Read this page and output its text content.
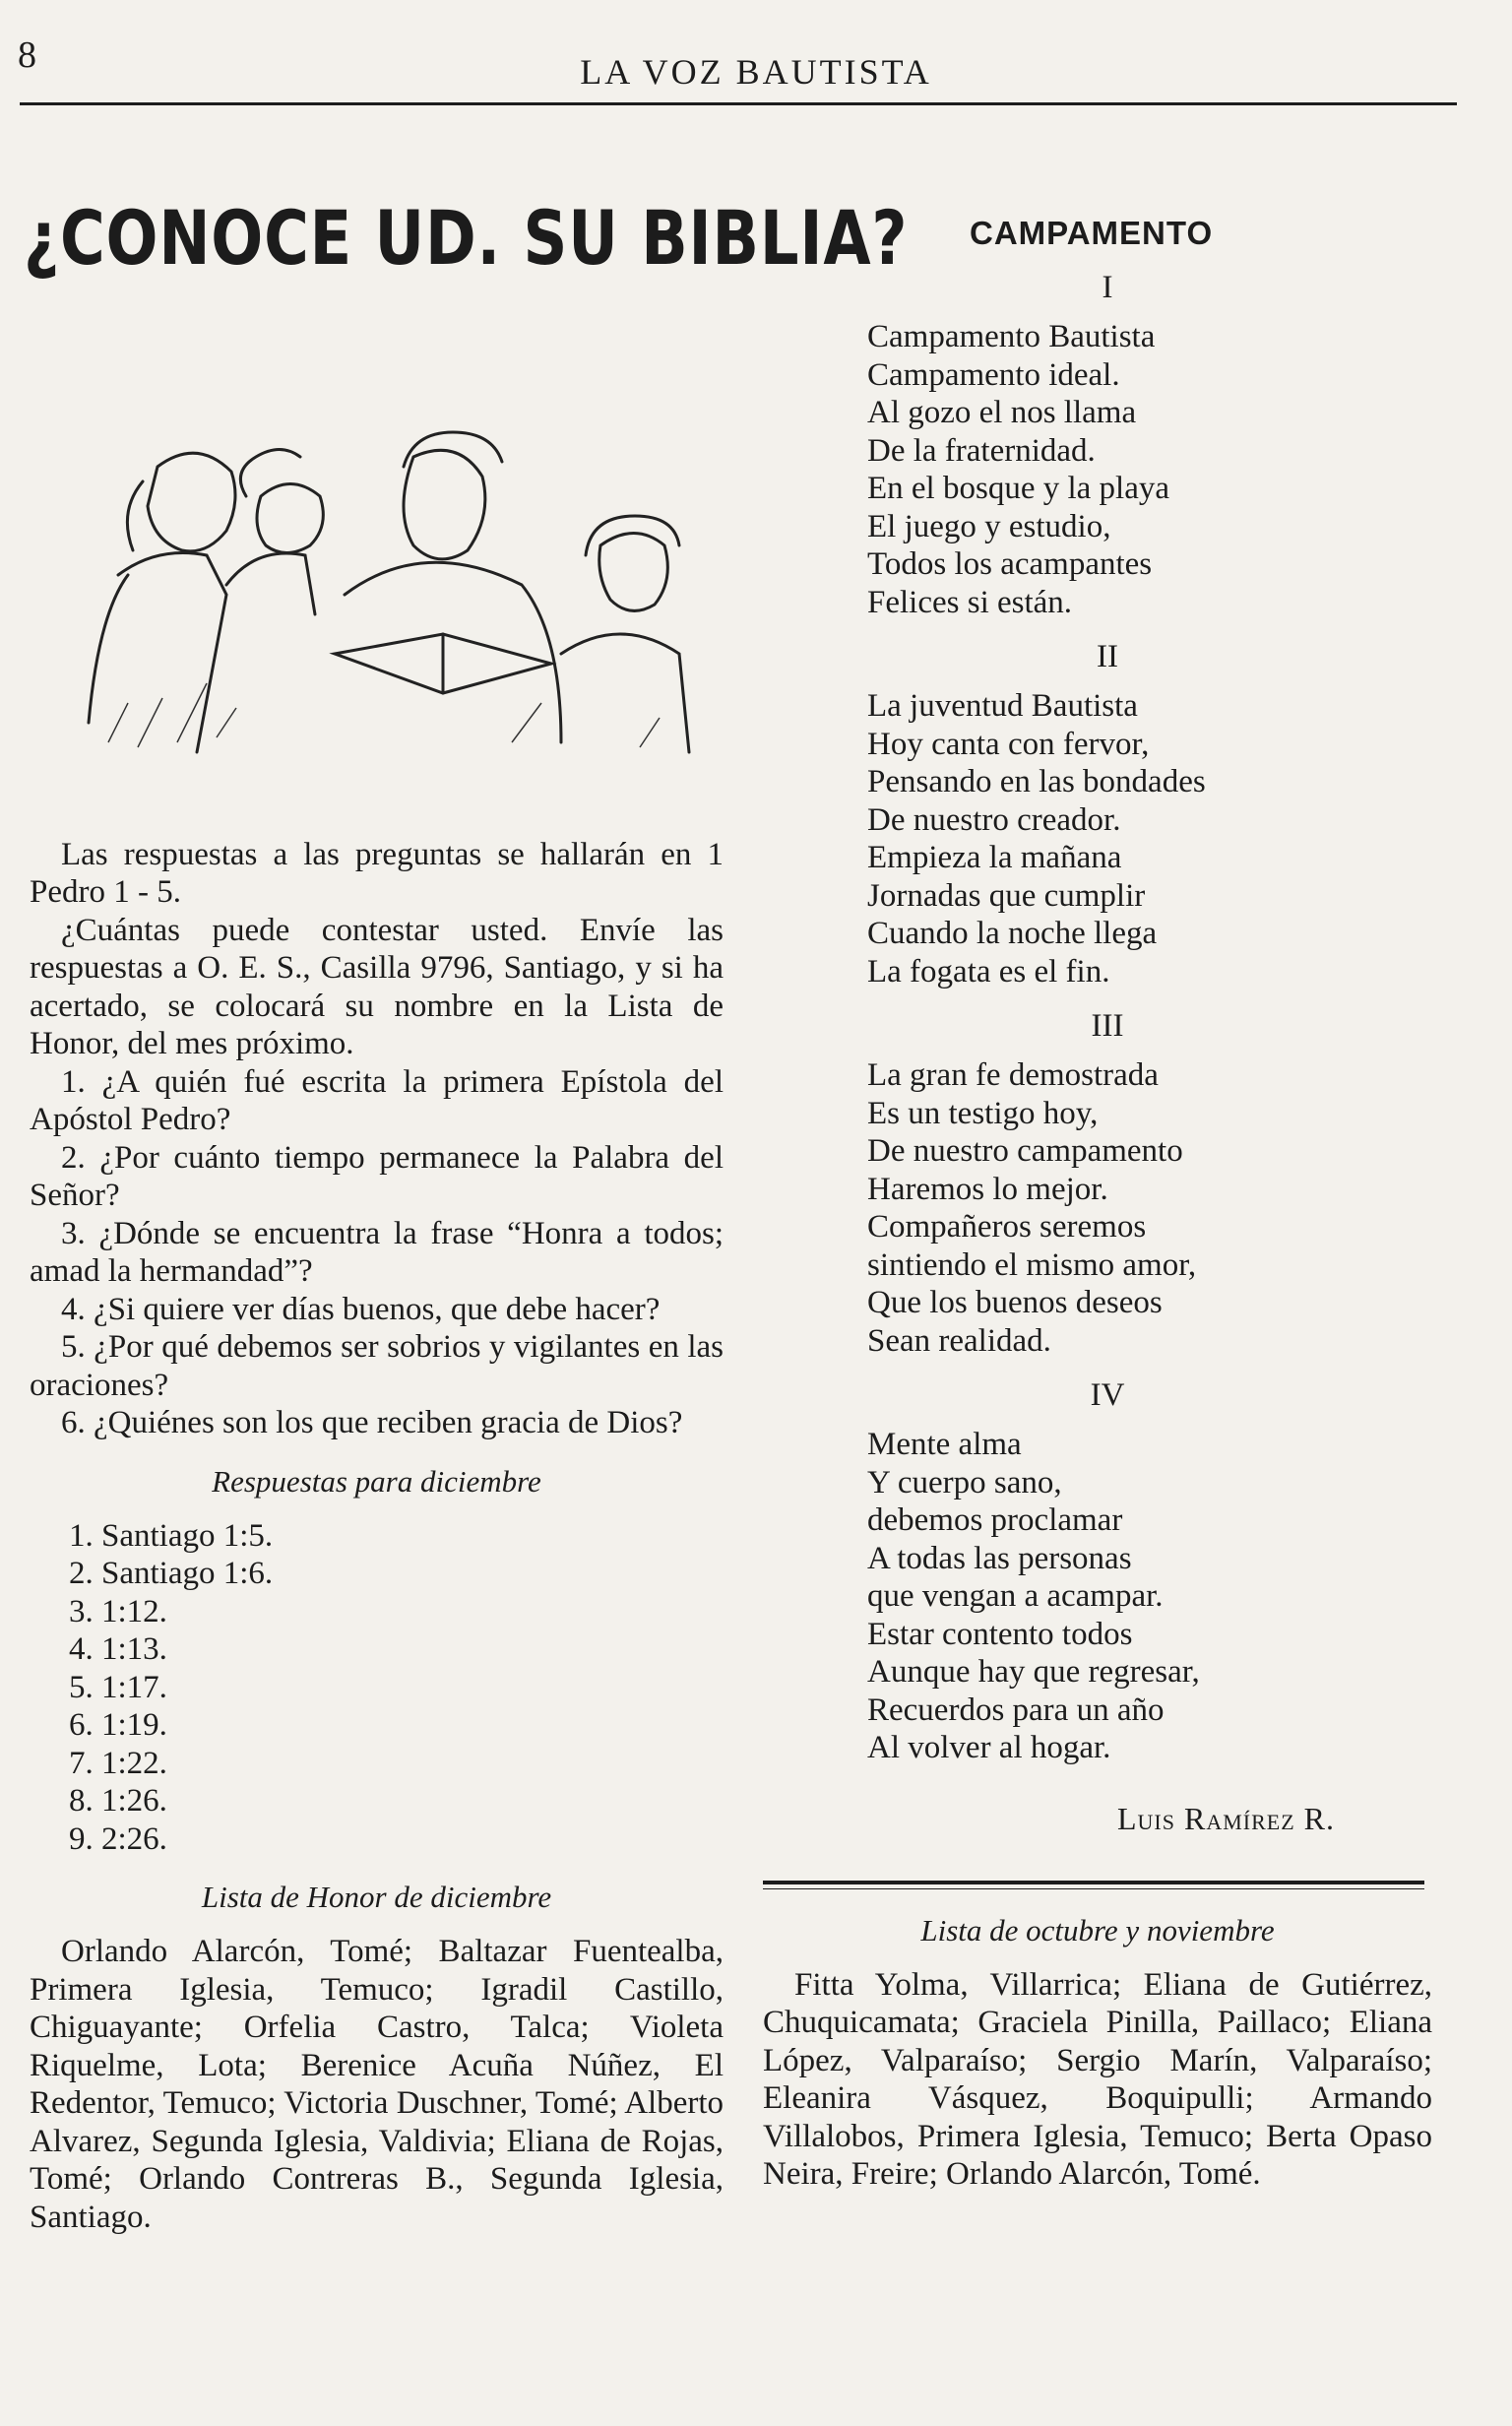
8	LA VOZ BAUTISTA
¿CONOCE UD. SU BIBLIA?

Las respuestas a las preguntas se hallarán en 1 Pedro 1 - 5.

¿Cuántas puede contestar usted. Envíe las respuestas a O. E. S., Casilla 9796, Santiago, y si ha acertado, se colocará su nombre en la Lista de Honor, del mes próximo.

1. ¿A quién fué escrita la primera Epístola del Apóstol Pedro?

2. ¿Por cuánto tiempo permanece la Palabra del Señor?

3. ¿Dónde se encuentra la frase “Honra a todos; amad la hermandad”?

4. ¿Si quiere ver días buenos, que debe hacer?

5. ¿Por qué debemos ser sobrios y vigilantes en las oraciones?

6. ¿Quiénes son los que reciben gracia de Dios?

Respuestas para diciembre
1. Santiago 1:5.
2. Santiago 1:6.
3. 1:12.
4. 1:13.
5. 1:17.
6. 1:19.
7. 1:22.
8. 1:26.
9. 2:26.
Lista de Honor de diciembre

Orlando Alarcón, Tomé; Baltazar Fuentealba, Primera Iglesia, Temuco; Igradil Castillo, Chiguayante; Orfelia Castro, Talca; Violeta Riquelme, Lota; Berenice Acuña Núñez, El Redentor, Temuco; Victoria Duschner, Tomé; Alberto Alvarez, Segunda Iglesia, Valdivia; Eliana de Rojas, Tomé; Orlando Contreras B., Segunda Iglesia, Santiago.

CAMPAMENTO
I
Campamento Bautista
Campamento ideal.
Al gozo el nos llama
De la fraternidad.
En el bosque y la playa
El juego y estudio,
Todos los acampantes
Felices si están.
II
La juventud Bautista
Hoy canta con fervor,
Pensando en las bondades
De nuestro creador.
Empieza la mañana
Jornadas que cumplir
Cuando la noche llega
La fogata es el fin.
III
La gran fe demostrada
Es un testigo hoy,
De nuestro campamento
Haremos lo mejor.
Compañeros seremos
sintiendo el mismo amor,
Que los buenos deseos
Sean realidad.
IV
Mente alma
Y cuerpo sano,
debemos proclamar
A todas las personas
que vengan a acampar.
Estar contento todos
Aunque hay que regresar,
Recuerdos para un año
Al volver al hogar.
Luis Ramírez R.
Lista de octubre y noviembre

Fitta Yolma, Villarrica; Eliana de Gutiérrez, Chuquicamata; Graciela Pinilla, Paillaco; Eliana López, Valparaíso; Sergio Marín, Valparaíso; Eleanira Vásquez, Boquipulli; Armando Villalobos, Primera Iglesia, Temuco; Berta Opaso Neira, Freire; Orlando Alarcón, Tomé.
